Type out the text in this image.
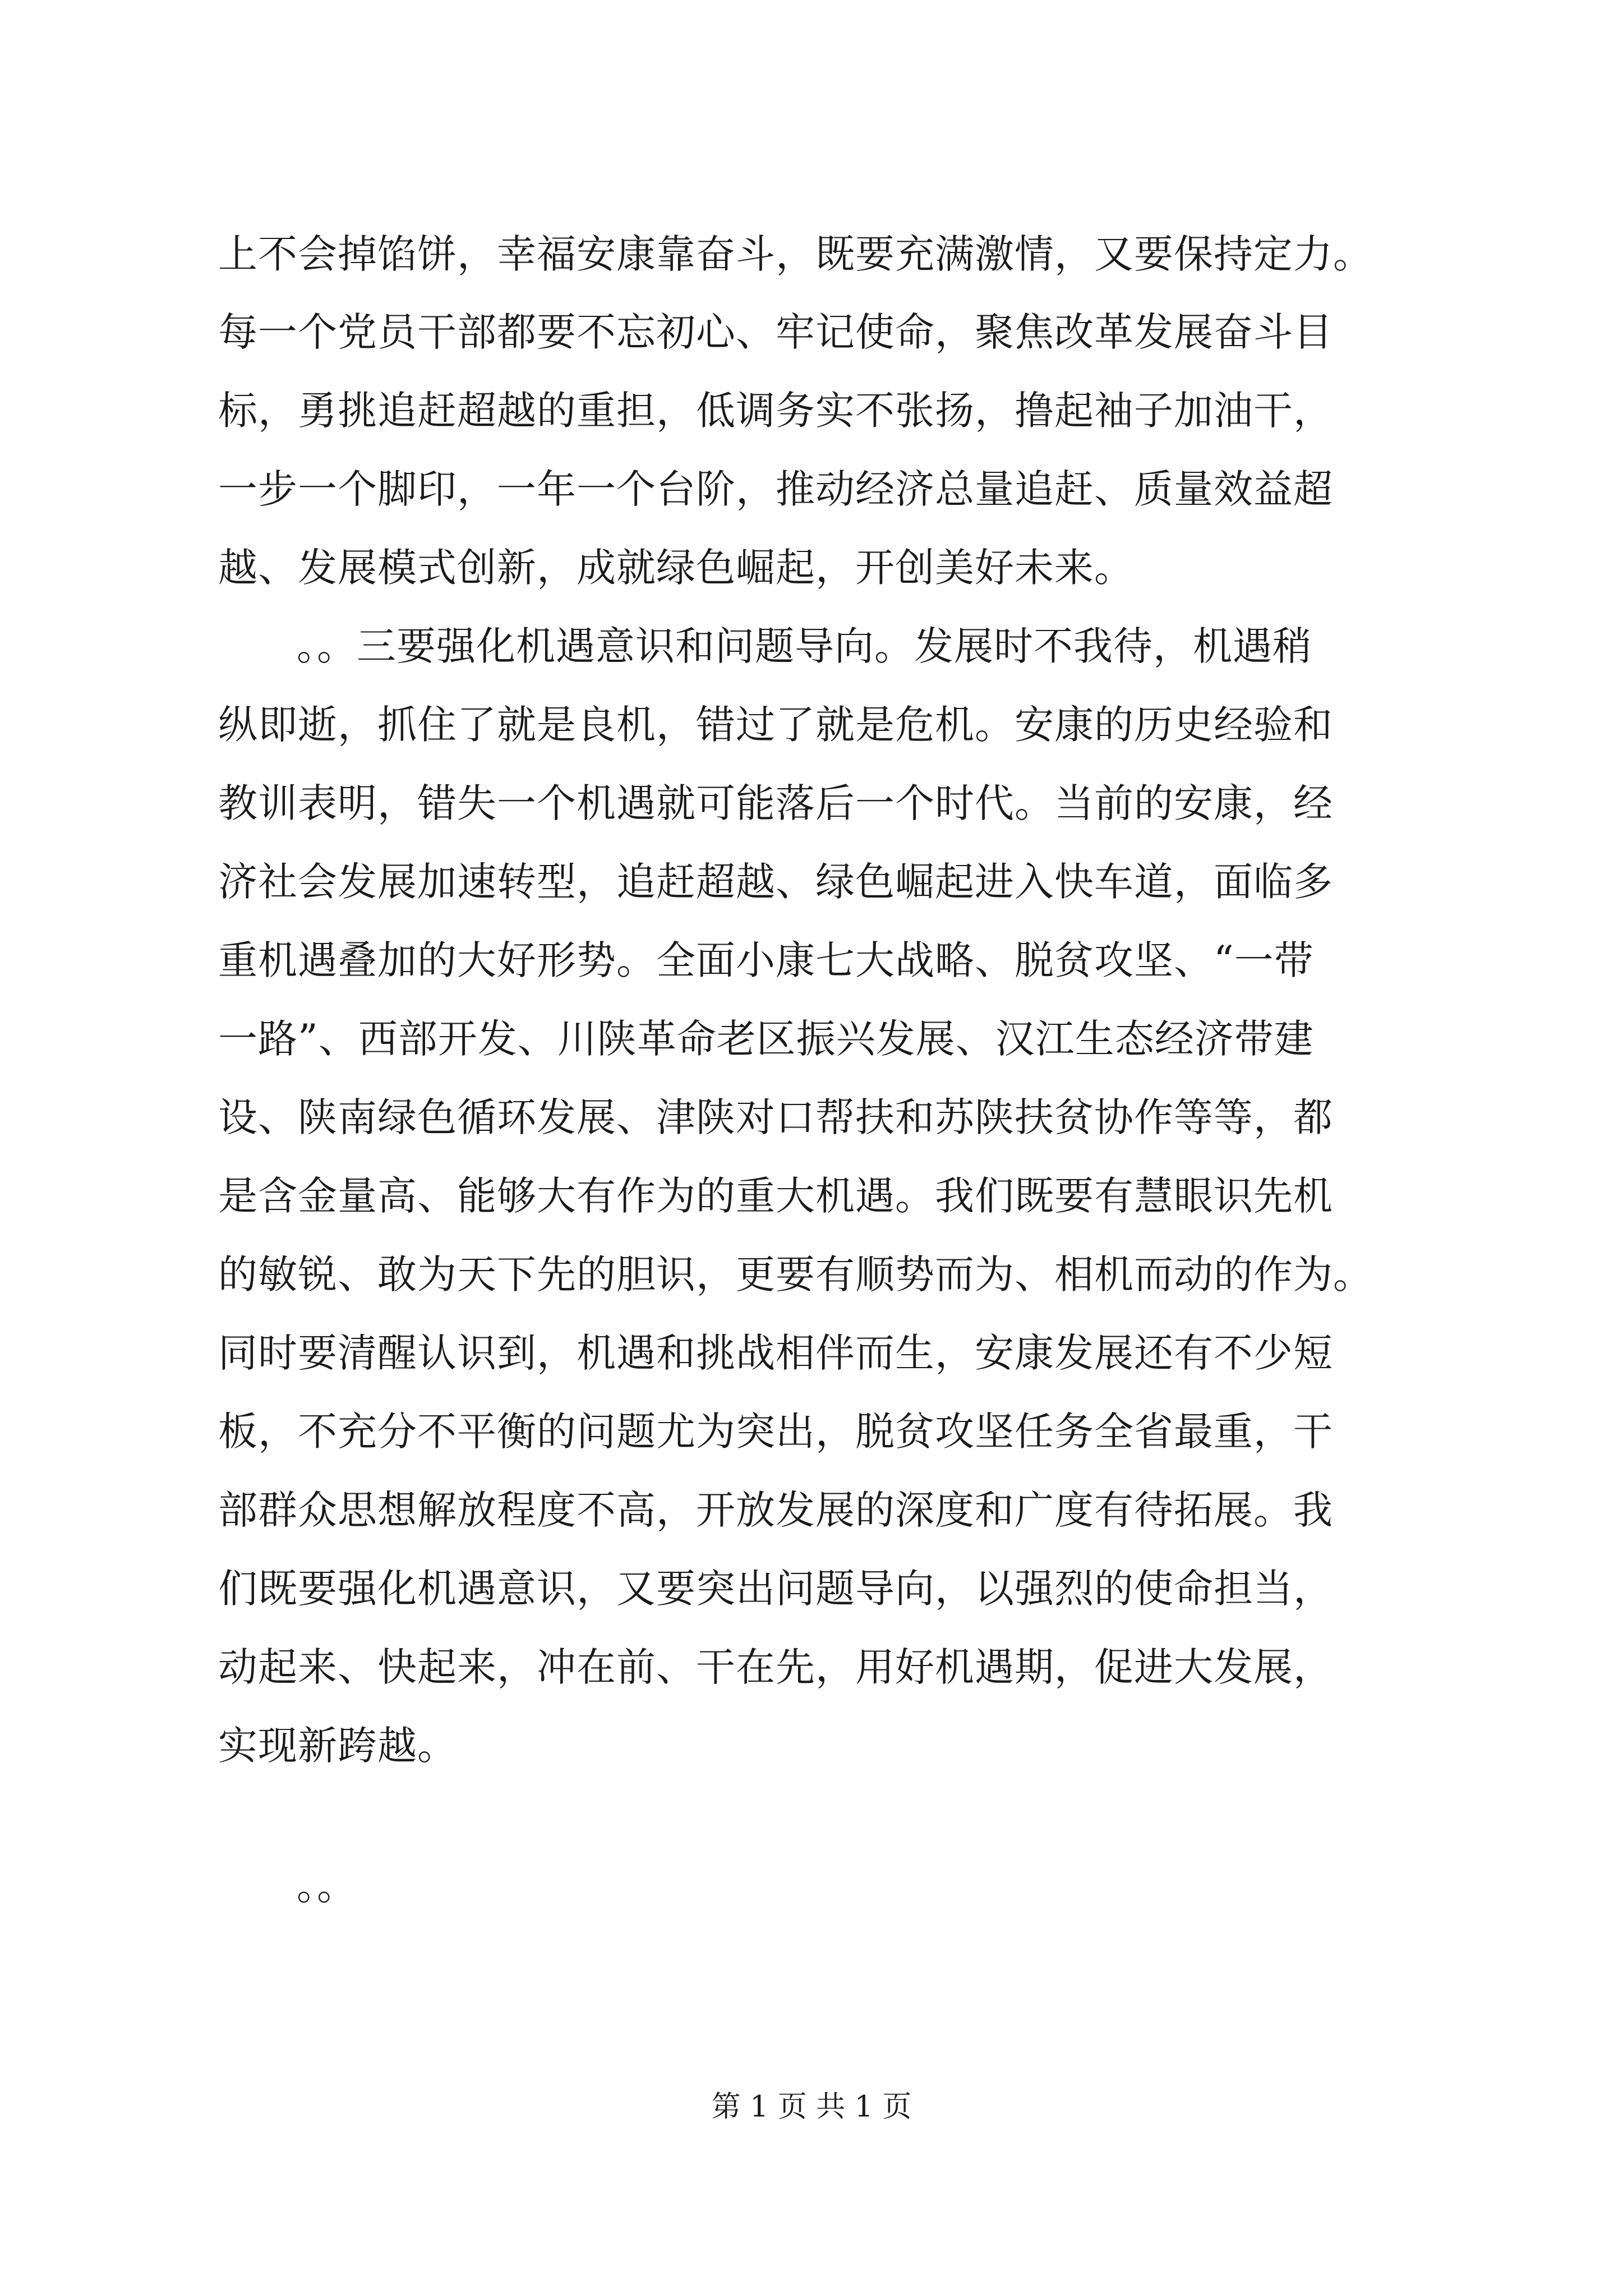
上不会掉馅饼，幸福安康靠奋斗，既要充满激情，又要保持定力。
每一个党员干部都要不忘初心、牢记使命，聚焦改革发展奋斗目
标，勇挑追赶超越的重担，低调务实不张扬，撸起袖子加油干，
一步一个脚印，一年一个台阶，推动经济总量追赶、质量效益超
越、发展模式创新，成就绿色崛起，开创美好未来。
。。三要强化机遇意识和问题导向。发展时不我待，机遇稍
纵即逝，抓住了就是良机，错过了就是危机。安康的历史经验和
教训表明，错失一个机遇就可能落后一个时代。当前的安康，经
济社会发展加速转型，追赶超越、绿色崛起进入快车道，面临多
重机遇叠加的大好形势。全面小康七大战略、脱贫攻坚、“一带
一路”、西部开发、川陕革命老区振兴发展、汉江生态经济带建
设、陕南绿色循环发展、津陕对口帮扶和苏陕扶贫协作等等，都
是含金量高、能够大有作为的重大机遇。我们既要有慧眼识先机
的敏锐、敢为天下先的胆识，更要有顺势而为、相机而动的作为。
同时要清醒认识到，机遇和挑战相伴而生，安康发展还有不少短
板，不充分不平衡的问题尤为突出，脱贫攻坚任务全省最重，干
部群众思想解放程度不高，开放发展的深度和广度有待拓展。我
们既要强化机遇意识，又要突出问题导向，以强烈的使命担当，
动起来、快起来，冲在前、干在先，用好机遇期，促进大发展，
实现新跨越。
。。
第 1 页 共 1 页
